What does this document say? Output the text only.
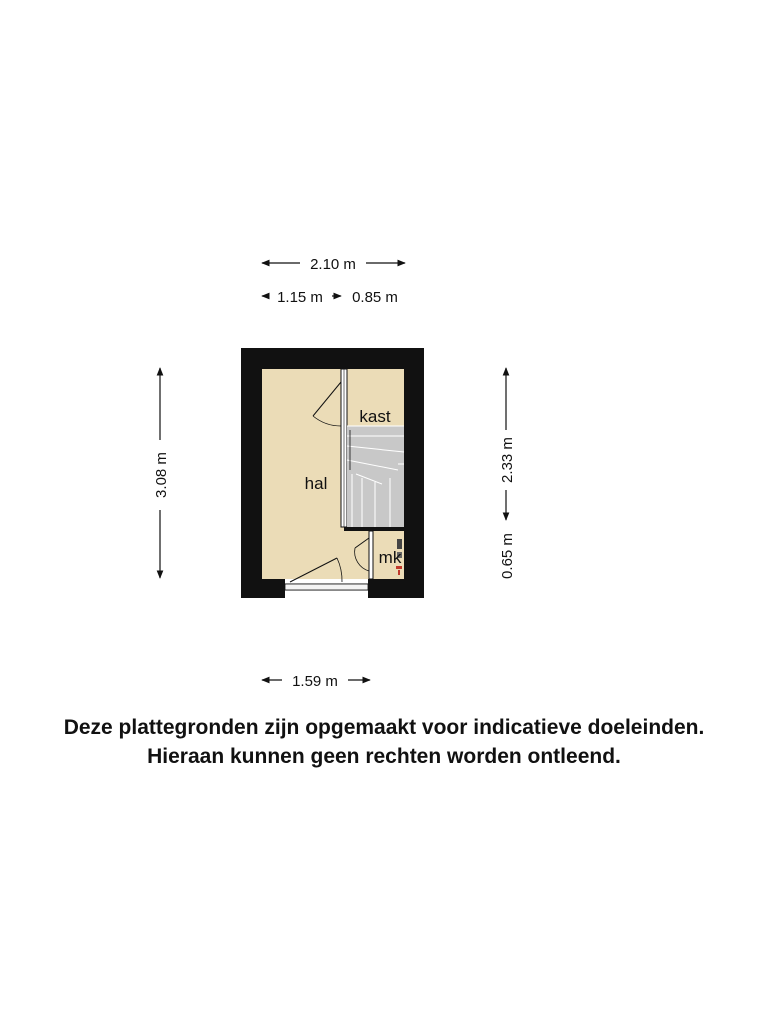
2.10 m
1.15 m 0.85 m
3.08 m	2.33 m
0.65 m
1.59 m
hal
kast
mk
Deze plattegronden zijn opgemaakt voor indicatieve doeleinden.
Hieraan kunnen geen rechten worden ontleend.
